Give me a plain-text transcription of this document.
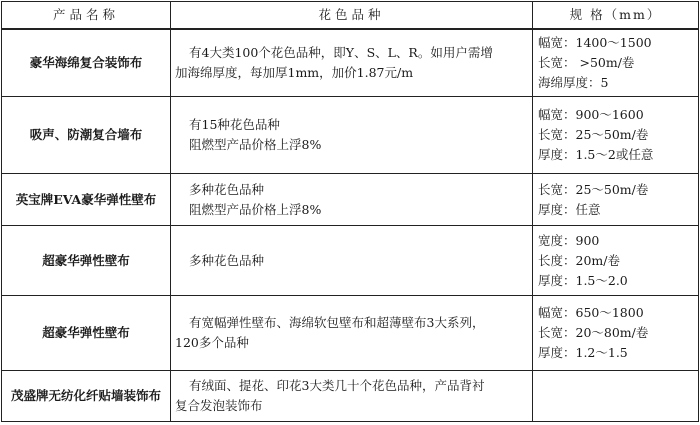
产品名称	花色品种	规 格（mm）
豪华海绵复合装饰布	有4大类100个花色品种，即Y、S、L、R。如用户需增
加海绵厚度，每加厚1mm，加价1.87元/m	幅宽：1400～1500
长宽： >50m/卷
海绵厚度：5

吸声、防潮复合墙布	有15种花色品种
阻燃型产品价格上浮8%	幅宽：900～1600
长宽：25～50m/卷
厚度：1.5～2或任意

英宝牌EVA豪华弹性壁布	多种花色品种
阻燃型产品价格上浮8%	长宽：25～50m/卷
厚度：任意

超豪华弹性壁布	多种花色品种	宽度：900
长度：20m/卷
厚度：1.5～2.0

超豪华弹性壁布	有宽幅弹性壁布、海绵软包壁布和超薄壁布3大系列，
120多个品种	幅宽：650～1800
长宽：20～80m/卷
厚度：1.2～1.5

茂盛牌无纺化纤贴墙装饰布	有绒面、提花、印花3大类几十个花色品种，产品背衬
复合发泡装饰布	
